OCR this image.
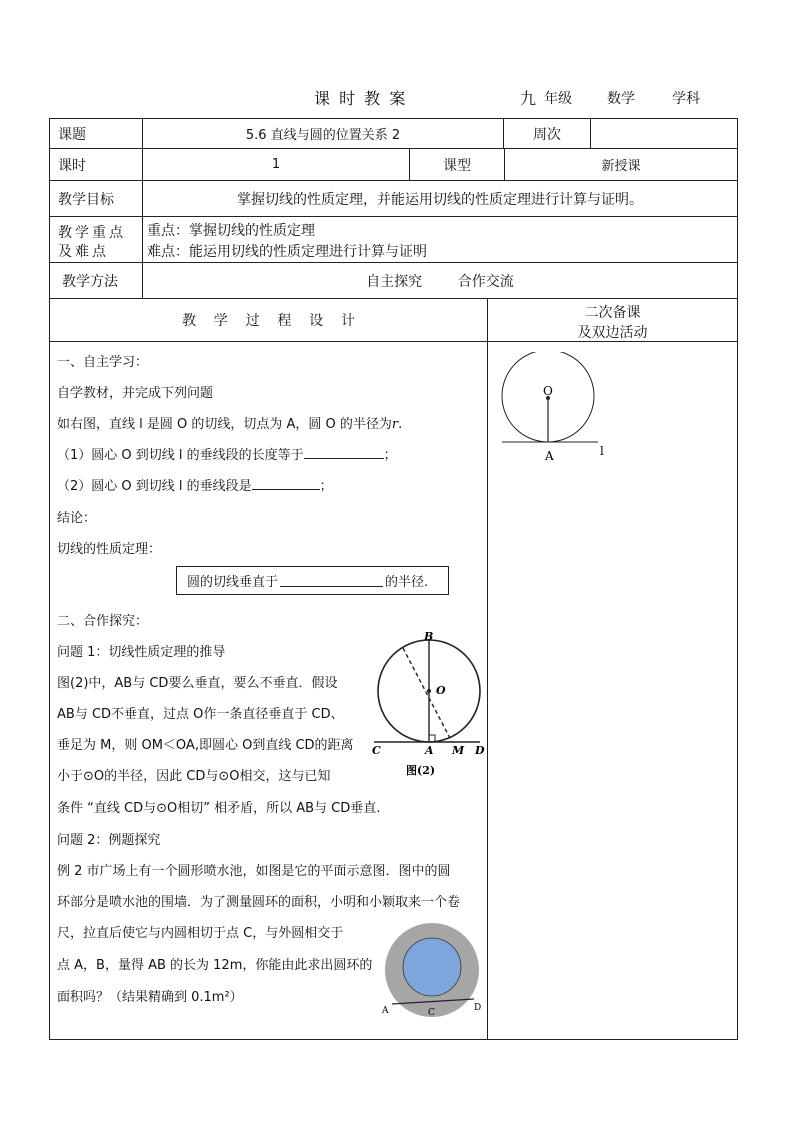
课 时 教 案	九 年级	数学	学科
课题	5.6 直线与圆的位置关系 2	周次
课时	1	课型	新授课
教学目标	掌握切线的性质定理，并能运用切线的性质定理进行计算与证明。
教学重点
及难点
重点：掌握切线的性质定理
难点：能运用切线的性质定理进行计算与证明
教学方法	自主探究        合作交流
教    学    过    程    设    计	二次备课
及双边活动
一、自主学习：
自学教材，并完成下列问题
如右图，直线 l 是圆 O 的切线，切点为 A，圆 O 的半径为r.
（1）圆心 O 到切线 l 的垂线段的长度等于	；
（2）圆心 O 到切线 l 的垂线段是	；
结论：
切线的性质定理：
圆的切线垂直于	的半径.
二、合作探究：
问题 1：切线性质定理的推导
图(2)中，AB与 CD要么垂直，要么不垂直．假设
AB与 CD不垂直，过点 O作一条直径垂直于 CD、
垂足为 M，则 OM＜OA,即圆心 O到直线 CD的距离
小于⊙O的半径，因此 CD与⊙O相交，这与已知
条件 “直线 CD与⊙O相切” 相矛盾，所以 AB与 CD垂直.
问题 2：例题探究
例 2 市广场上有一个圆形喷水池，如图是它的平面示意图．图中的圆
环部分是喷水池的围墙．为了测量圆环的面积，小明和小颖取来一个卷
尺，拉直后使它与内圆相切于点 C，与外圆相交于
点 A，B，量得 AB 的长为 12m，你能由此求出圆环的
面积吗？（结果精确到 0.1m²）
O
A	l
B
O
C	A M D
图(2)
A	C	D
